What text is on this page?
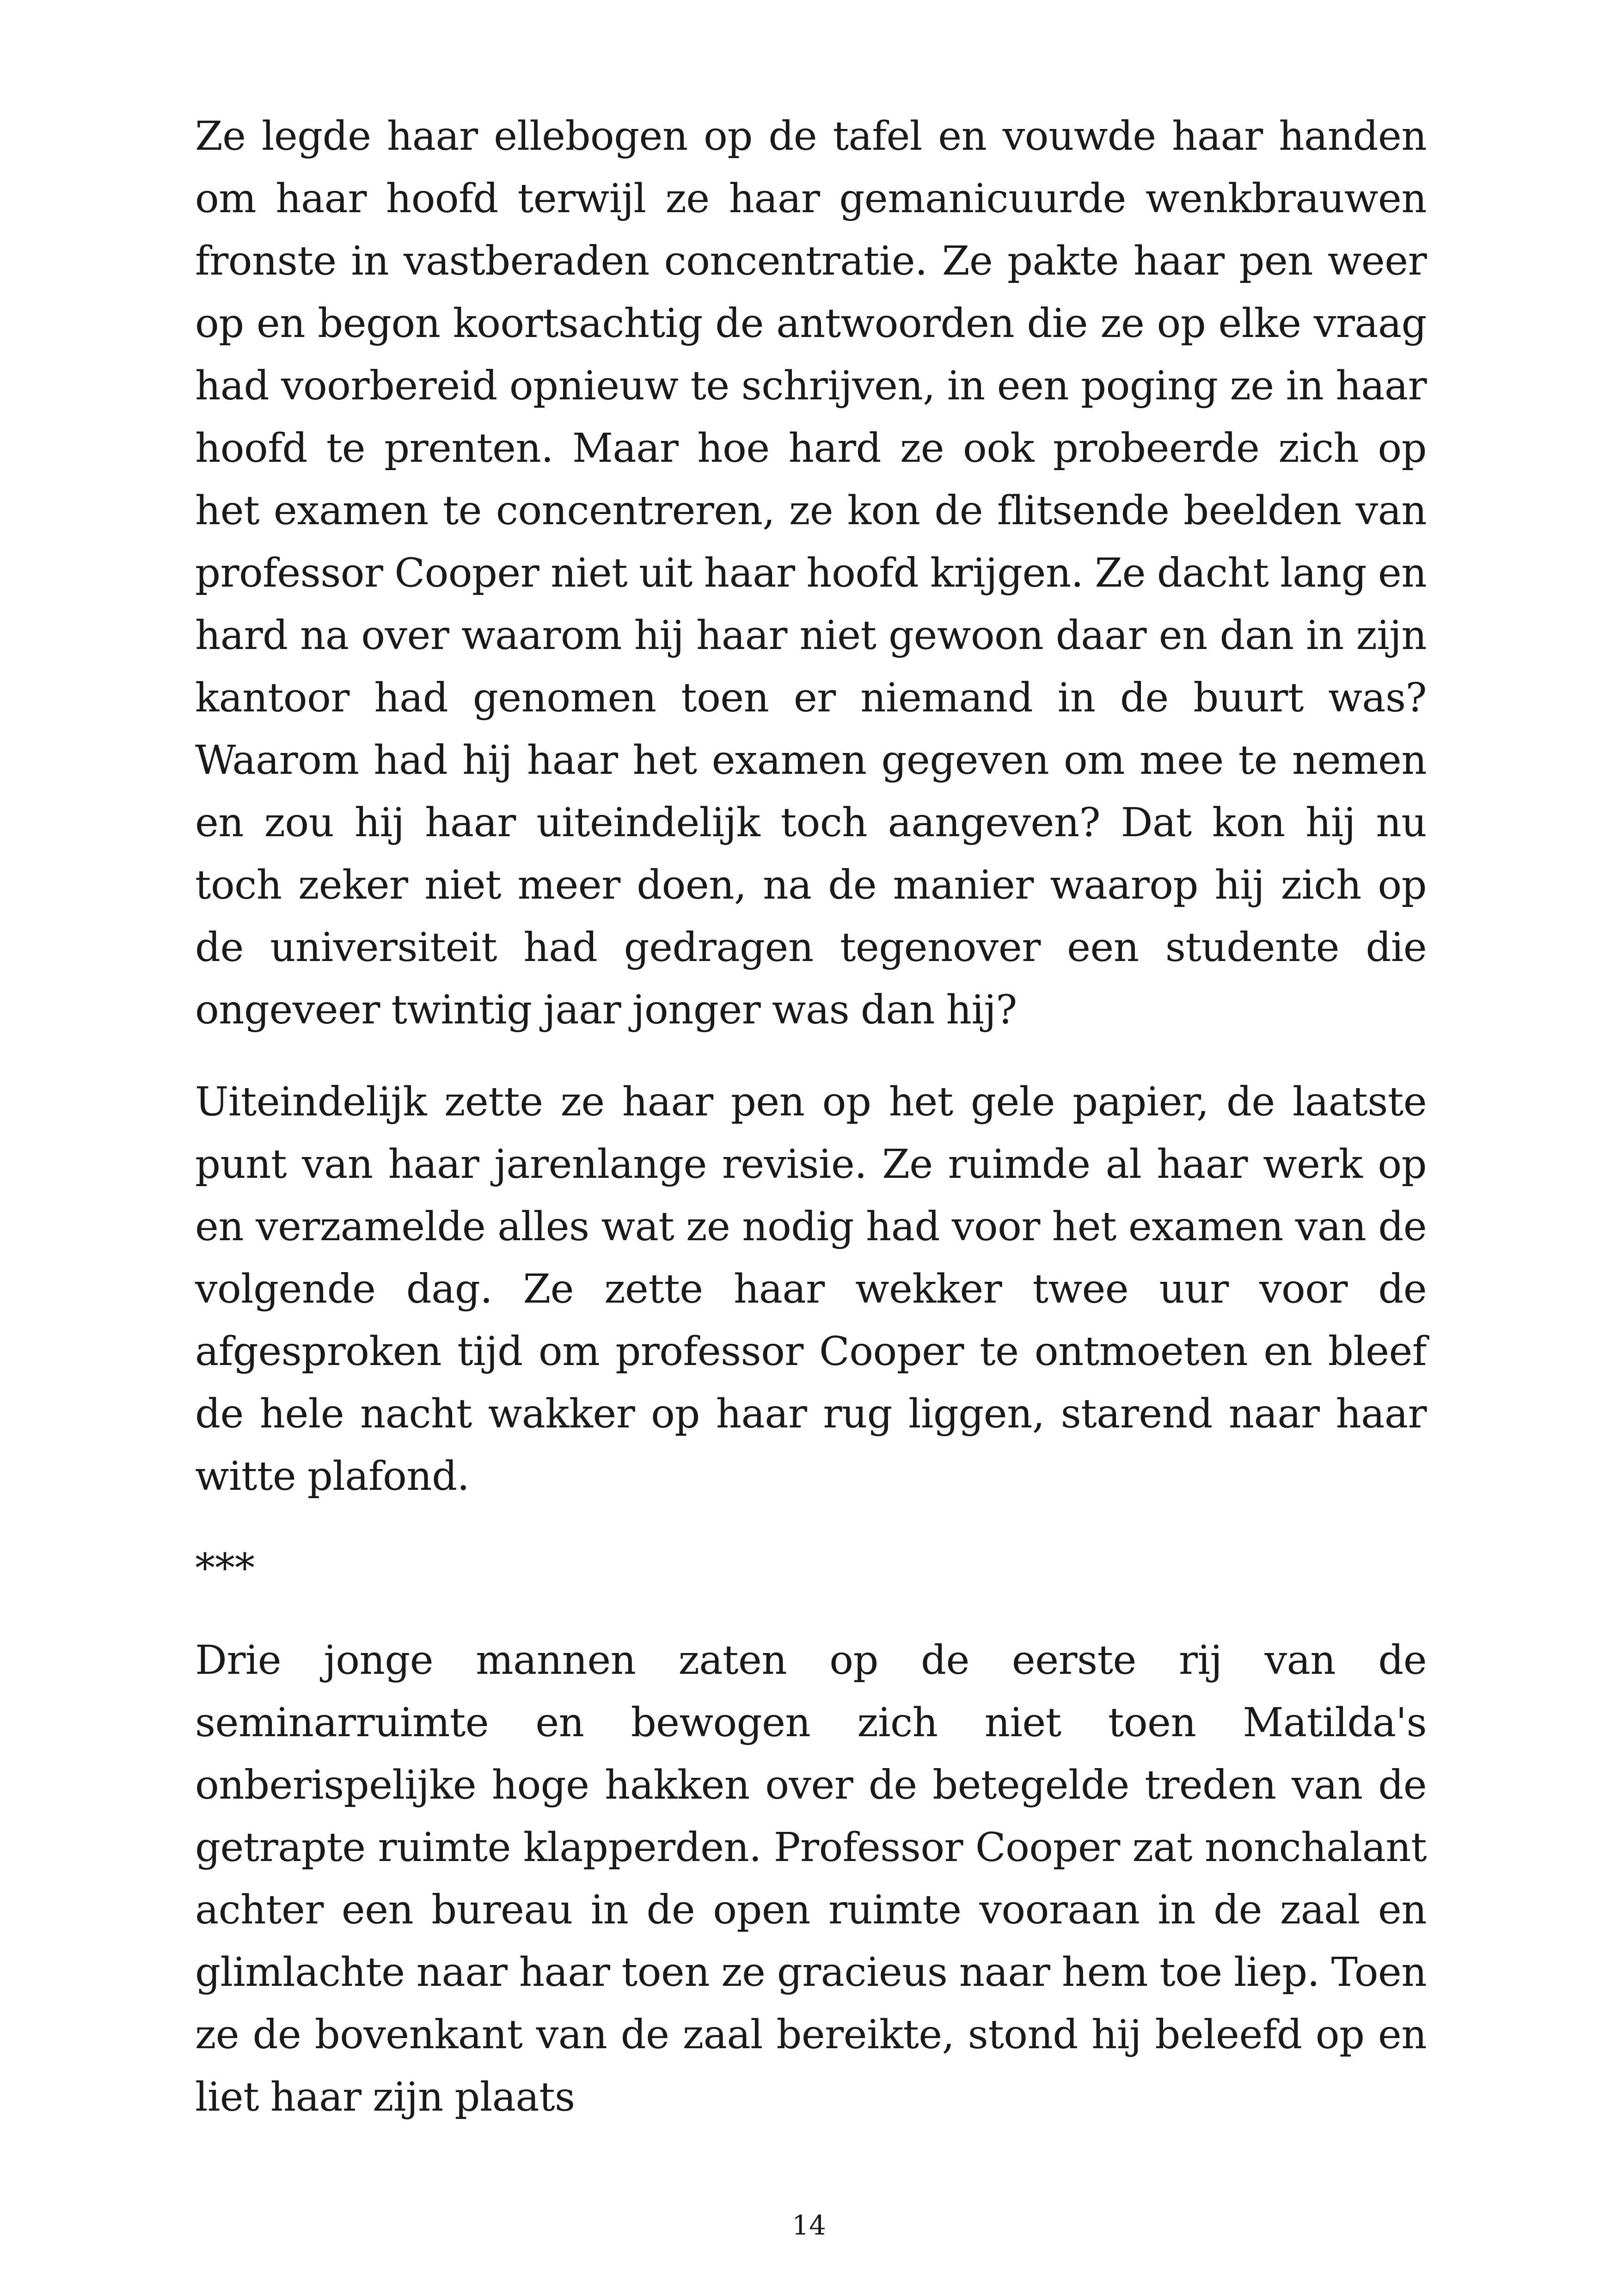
Ze legde haar ellebogen op de tafel en vouwde haar handen om haar hoofd terwijl ze haar gemanicuurde wenkbrauwen fronste in vastberaden concentratie. Ze pakte haar pen weer op en begon koortsachtig de antwoorden die ze op elke vraag had voorbereid opnieuw te schrijven, in een poging ze in haar hoofd te prenten. Maar hoe hard ze ook probeerde zich op het examen te concentreren, ze kon de flitsende beelden van professor Cooper niet uit haar hoofd krijgen. Ze dacht lang en hard na over waarom hij haar niet gewoon daar en dan in zijn kantoor had genomen toen er niemand in de buurt was? Waarom had hij haar het examen gegeven om mee te nemen en zou hij haar uiteindelijk toch aangeven? Dat kon hij nu toch zeker niet meer doen, na de manier waarop hij zich op de universiteit had gedragen tegenover een studente die ongeveer twintig jaar jonger was dan hij?

Uiteindelijk zette ze haar pen op het gele papier, de laatste punt van haar jarenlange revisie. Ze ruimde al haar werk op en verzamelde alles wat ze nodig had voor het examen van de volgende dag. Ze zette haar wekker twee uur voor de afgesproken tijd om professor Cooper te ontmoeten en bleef de hele nacht wakker op haar rug liggen, starend naar haar witte plafond.

***

Drie jonge mannen zaten op de eerste rij van de seminarruimte en bewogen zich niet toen Matilda's onberispelijke hoge hakken over de betegelde treden van de getrapte ruimte klapperden. Professor Cooper zat nonchalant achter een bureau in de open ruimte vooraan in de zaal en glimlachte naar haar toen ze gracieus naar hem toe liep. Toen ze de bovenkant van de zaal bereikte, stond hij beleefd op en liet haar zijn plaats

14
